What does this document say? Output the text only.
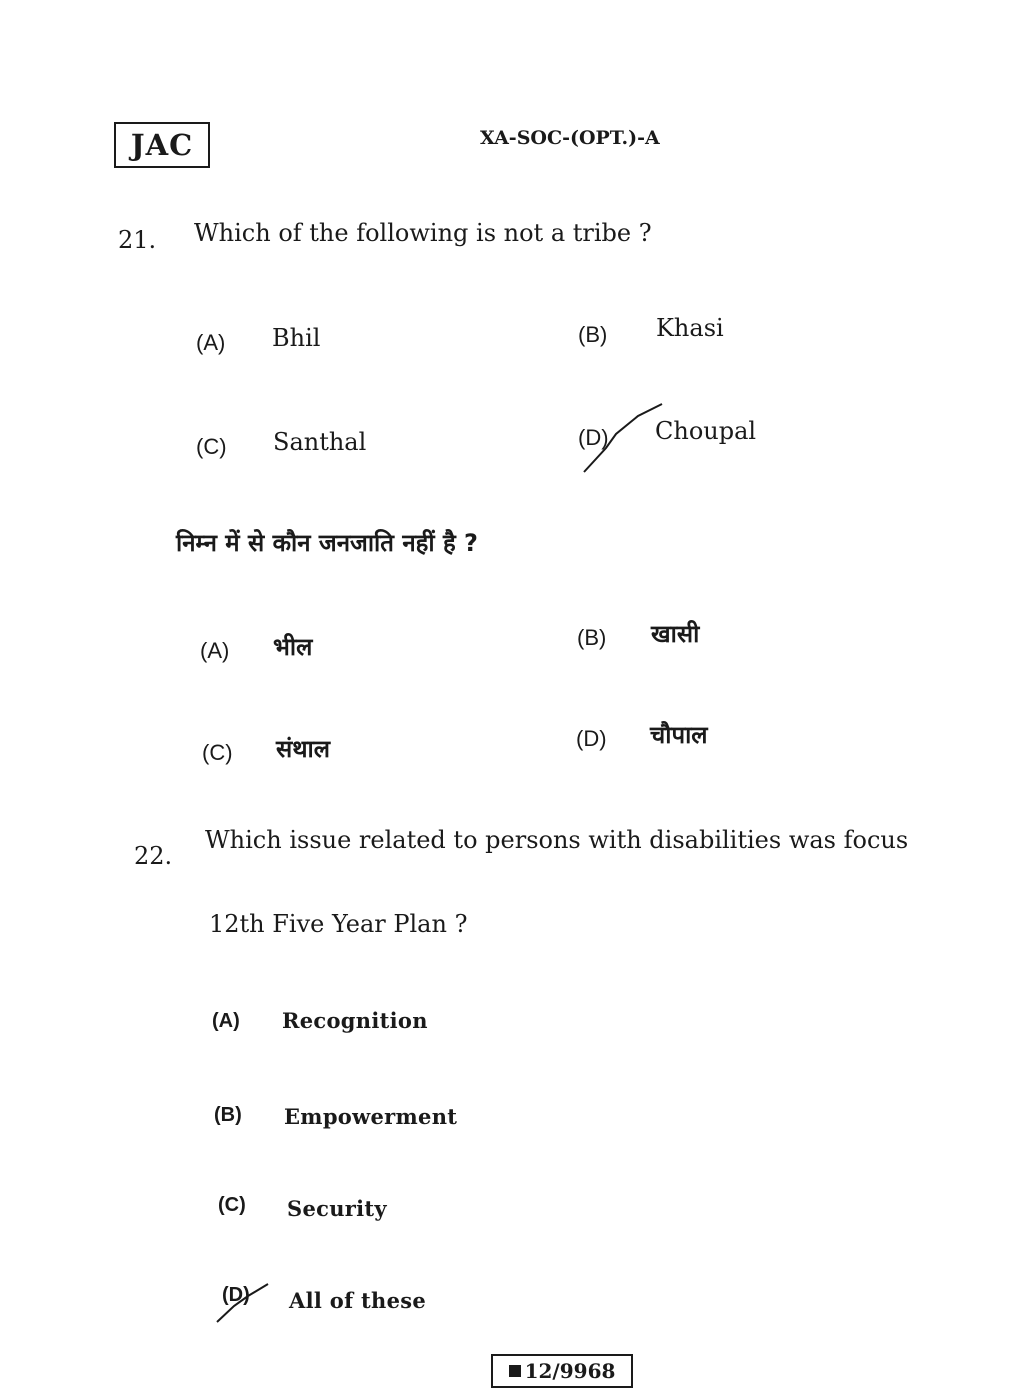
JAC	XA-SOC-(OPT.)-A
21. Which of the following is not a tribe ?
(A) Bhil	(B) Khasi
(C) Santhal	(D) Choupal
निम्न में से कौन जनजाति नहीं है ?
(A) भील	(B) खासी
(C) संथाल	(D) चौपाल
22.
Which issue related to persons with disabilities was focus
12th Five Year Plan ?
(A) Recognition
(B) Empowerment
(C) Security
(D) All of these
12/9968
